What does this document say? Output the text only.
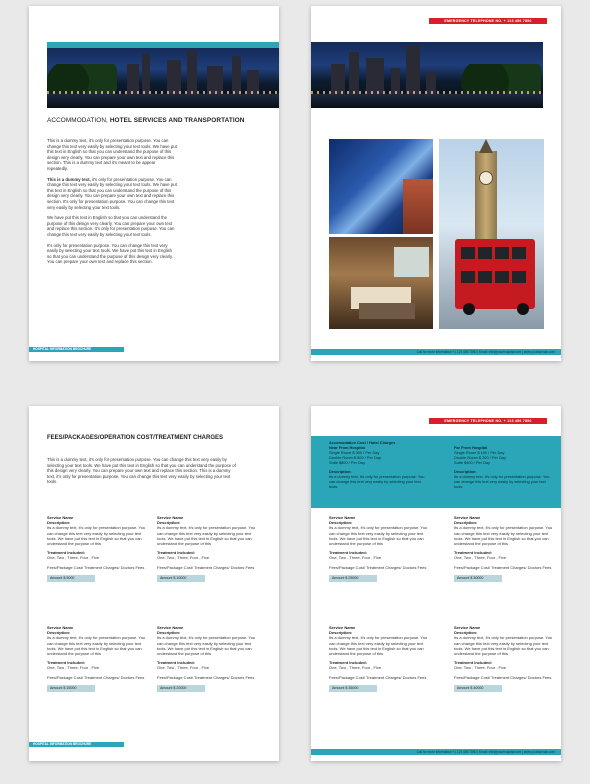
ACCOMMODATION, HOTEL SERVICES AND TRANSPORTATION

This is a dummy text, it's only for presentation purpose. You can change this text very easily by selecting your text tools. We have put this text in English so that you can understand the purpose of this design very clearly. You can prepare your own text and replace this section. This is a dummy text and it's meant to be appear repeatedly.

This is a dummy text, it's only for presentation purpose. You can change this text very easily by selecting your text tools. We have put this text in English so that you can understand the purpose of this design very clearly. You can prepare your own text and replace this section. It's only for presentation purpose. You can change this text very easily by selecting your text tools.

We have put this text in English so that you can understand the purpose of this design very clearly. You can prepare your own text and replace this section. It's only for presentation purpose. You can change this text very easily by selecting your text tools.

It's only for presentation purpose. You can change this text very easily by selecting your text tools. We have put this text in English so that you can understand the purpose of this design very clearly. You can prepare your own text and replace this section.

HOSPITAL INFORMATION BROCHURE
EMERGENCY TELEPHONE NO. + 123 456 7890
Call for more information +1 123 456 7890 | Email: info@yourhospital.com | www.yourdomain.com
FEES/PACKAGES/OPERATION COST/TREATMENT CHARGES
This is a dummy text, it's only for presentation purpose. You can change this text very easily by selecting your text tools. We have put this text in English so that you can understand the purpose of this design very clearly. You can prepare your own text and replace this section. This is a dummy text, it's only for presentation purpose. You can change this text very easily by selecting your text tools.
Service Name
Description:
Its a dummy text, it's only for presentation purpose. You can change this text very easily by selecting your text tools. We have put this text in English so that you can understand the purpose of this
Treatment Included:
One, Two , Three, Four , Five
Fees/Package Cost/ Treatment Charges/ Doctors Fees
Amount $ 5000
Service Name
Description:
Its a dummy text, it's only for presentation purpose. You can change this text very easily by selecting your text tools. We have put this text in English so that you can understand the purpose of this
Treatment Included:
One, Two , Three, Four , Five
Fees/Package Cost/ Treatment Charges/ Doctors Fees
Amount $ 10000
Service Name
Description:
Its a dummy text, it's only for presentation purpose. You can change this text very easily by selecting your text tools. We have put this text in English so that you can understand the purpose of this
Treatment Included:
One, Two , Three, Four , Five
Fees/Package Cost/ Treatment Charges/ Doctors Fees
Amount $ 15000
Service Name
Description:
Its a dummy text, it's only for presentation purpose. You can change this text very easily by selecting your text tools. We have put this text in English so that you can understand the purpose of this
Treatment Included:
One, Two , Three, Four , Five
Fees/Package Cost/ Treatment Charges/ Doctors Fees
Amount $ 20000
HOSPITAL INFORMATION BROCHURE
EMERGENCY TELEPHONE NO. + 123 456 7890
Accomodation Cost / Hotel Charges
Near From Hospital
Single Room $ 300 / Per Day
Double Room $ 600 / Per Day
Suite $800 / Per Day
Description:
Its a dummy text, it's only for presentation purpose. You can change this text very easily by selecting your text tools.
Far From Hospital
Single Room $ 100 / Per Day
Double Room $ 200 / Per Day
Suite $400 / Per Day
Description:
Its a dummy text, it's only for presentation purpose. You can change this text very easily by selecting your text tools.
Service Name
Description:
Its a dummy text, it's only for presentation purpose. You can change this text very easily by selecting your text tools. We have put this text in English so that you can understand the purpose of this
Treatment Included:
One, Two , Three, Four , Five
Fees/Package Cost/ Treatment Charges/ Doctors Fees
Amount $ 25000
Service Name
Description:
Its a dummy text, it's only for presentation purpose. You can change this text very easily by selecting your text tools. We have put this text in English so that you can understand the purpose of this
Treatment Included:
One, Two , Three, Four , Five
Fees/Package Cost/ Treatment Charges/ Doctors Fees
Amount $ 30000
Service Name
Description:
Its a dummy text, it's only for presentation purpose. You can change this text very easily by selecting your text tools. We have put this text in English so that you can understand the purpose of this
Treatment Included:
One, Two , Three, Four , Five
Fees/Package Cost/ Treatment Charges/ Doctors Fees
Amount $ 35000
Service Name
Description:
Its a dummy text, it's only for presentation purpose. You can change this text very easily by selecting your text tools. We have put this text in English so that you can understand the purpose of this
Treatment Included:
One, Two , Three, Four , Five
Fees/Package Cost/ Treatment Charges/ Doctors Fees
Amount $ 40000
Call for more information +1 123 456 7890 | Email: info@yourhospital.com | www.yourdomain.com
